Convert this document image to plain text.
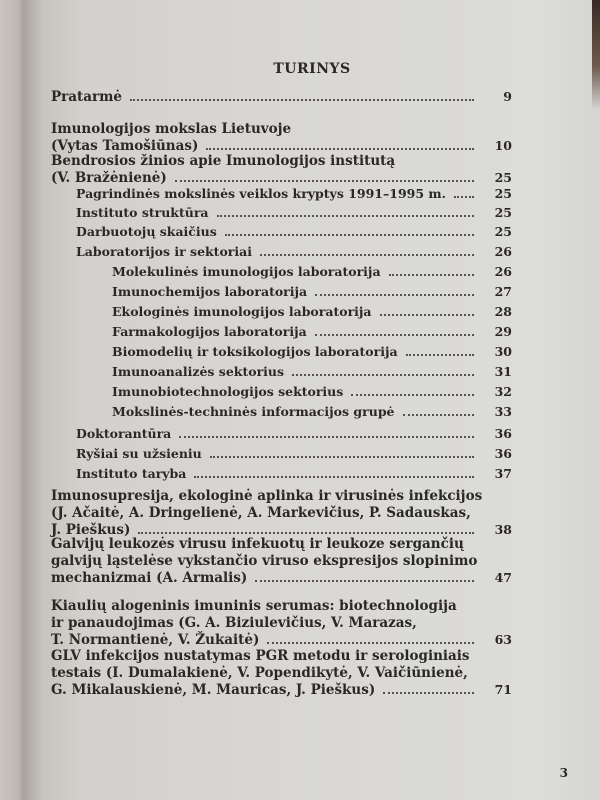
TURINYS
Pratarmė	9
Imunologijos mokslas Lietuvoje
(Vytas Tamošiūnas)	10
Bendrosios žinios apie Imunologijos institutą
(V. Bražėnienė)	25
Pagrindinės mokslinės veiklos kryptys 1991–1995 m.	25
Instituto struktūra	25
Darbuotojų skaičius	25
Laboratorijos ir sektoriai	26
Molekulinės imunologijos laboratorija	26
Imunochemijos laboratorija	27
Ekologinės imunologijos laboratorija	28
Farmakologijos laboratorija	29
Biomodelių ir toksikologijos laboratorija	30
Imunoanalizės sektorius	31
Imunobiotechnologijos sektorius	32
Mokslinės-techninės informacijos grupė	33
Doktorantūra	36
Ryšiai su užsieniu	36
Instituto taryba	37
Imunosupresija, ekologinė aplinka ir virusinės infekcijos
(J. Ačaitė, A. Dringelienė, A. Markevičius, P. Sadauskas,
J. Pieškus)	38
Galvijų leukozės virusu infekuotų ir leukoze sergančių
galvijų ląstelėse vykstančio viruso ekspresijos slopinimo
mechanizmai (A. Armalis)	47
Kiaulių alogeninis imuninis serumas: biotechnologija
ir panaudojimas (G. A. Biziulevičius, V. Marazas,
T. Normantienė, V. Žukaitė)	63
GLV infekcijos nustatymas PGR metodu ir serologiniais
testais (I. Dumalakienė, V. Popendikytė, V. Vaičiūnienė,
G. Mikalauskienė, M. Mauricas, J. Pieškus)	71
3
